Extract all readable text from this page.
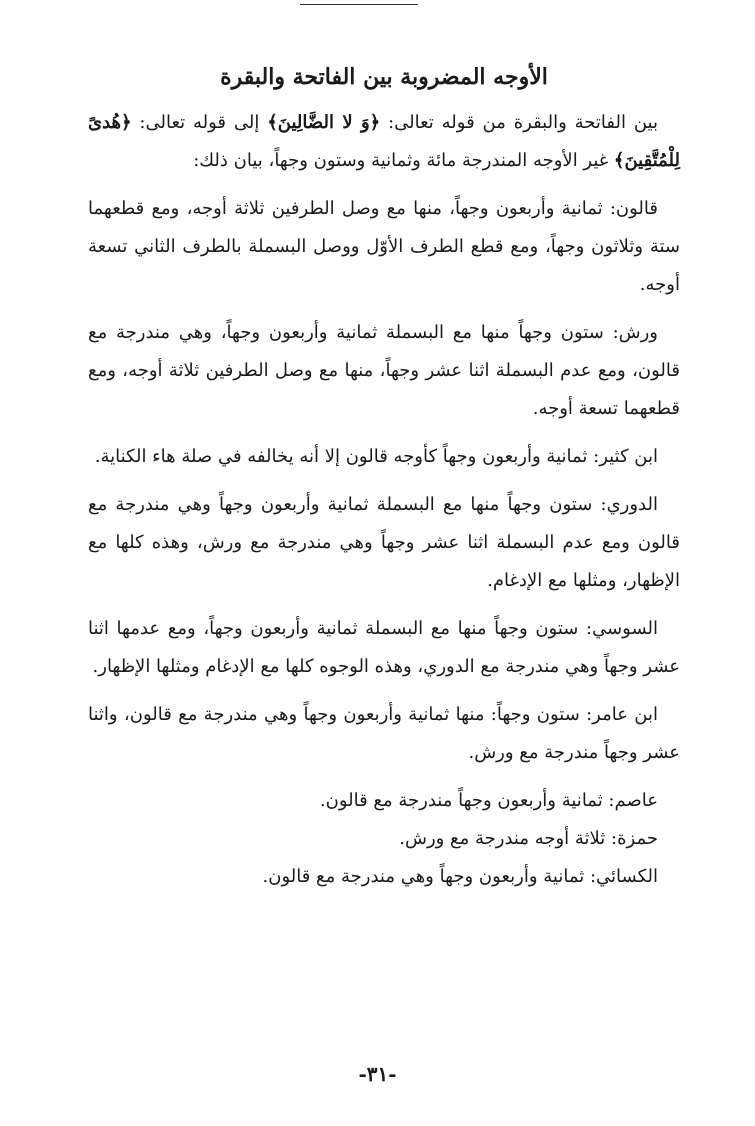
الأوجه المضروبة بين الفاتحة والبقرة

بين الفاتحة والبقرة من قوله تعالى: ﴿وَ لا الضَّالِينَ﴾ إلى قوله تعالى: ﴿هُدىً لِلْمُتَّقِينَ﴾ غير الأوجه المندرجة مائة وثمانية وستون وجهاً، بيان ذلك:

قالون: ثمانية وأربعون وجهاً، منها مع وصل الطرفين ثلاثة أوجه، ومع قطعهما ستة وثلاثون وجهاً، ومع قطع الطرف الأوّل ووصل البسملة بالطرف الثاني تسعة أوجه.

ورش: ستون وجهاً منها مع البسملة ثمانية وأربعون وجهاً، وهي مندرجة مع قالون، ومع عدم البسملة اثنا عشر وجهاً، منها مع وصل الطرفين ثلاثة أوجه، ومع قطعهما تسعة أوجه.

ابن كثير: ثمانية وأربعون وجهاً كأوجه قالون إلا أنه يخالفه في صلة هاء الكناية.

الدوري: ستون وجهاً منها مع البسملة ثمانية وأربعون وجهاً وهي مندرجة مع قالون ومع عدم البسملة اثنا عشر وجهاً وهي مندرجة مع ورش، وهذه كلها مع الإظهار، ومثلها مع الإدغام.

السوسي: ستون وجهاً منها مع البسملة ثمانية وأربعون وجهاً، ومع عدمها اثنا عشر وجهاً وهي مندرجة مع الدوري، وهذه الوجوه كلها مع الإدغام ومثلها الإظهار.

ابن عامر: ستون وجهاً: منها ثمانية وأربعون وجهاً وهي مندرجة مع قالون، واثنا عشر وجهاً مندرجة مع ورش.

عاصم: ثمانية وأربعون وجهاً مندرجة مع قالون.

حمزة: ثلاثة أوجه مندرجة مع ورش.

الكسائي: ثمانية وأربعون وجهاً وهي مندرجة مع قالون.

-٣١-
